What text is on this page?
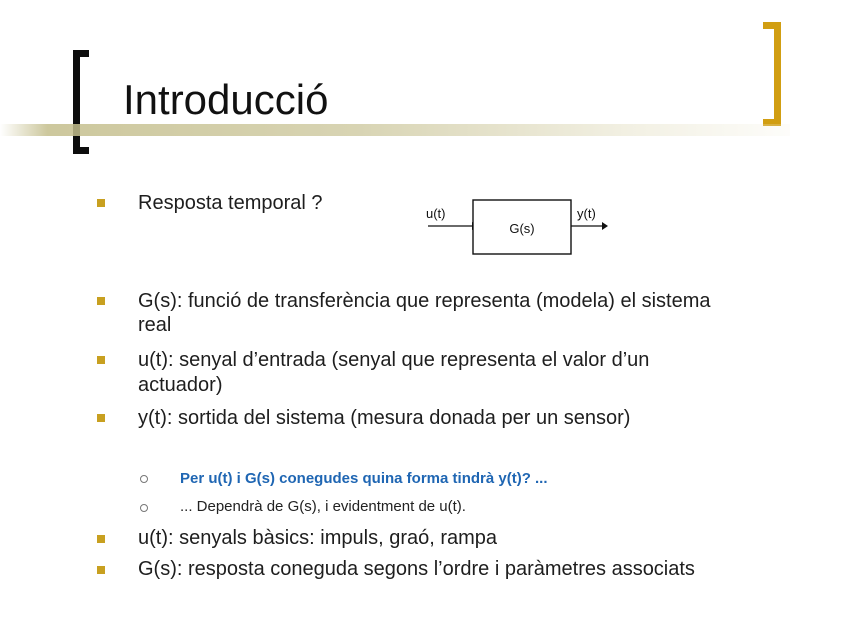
Introducció
Resposta temporal ?	u(t)
G(s)
y(t)
G(s): funció de transferència que representa (modela) el sistema
real
u(t): senyal d’entrada (senyal que representa el valor d’un
actuador)
y(t): sortida del sistema (mesura donada per un sensor)
Per u(t) i G(s) conegudes quina forma tindrà y(t)? ...
... Dependrà de G(s), i evidentment de u(t).
u(t): senyals bàsics: impuls, graó, rampa
G(s): resposta coneguda segons l’ordre i paràmetres associats
